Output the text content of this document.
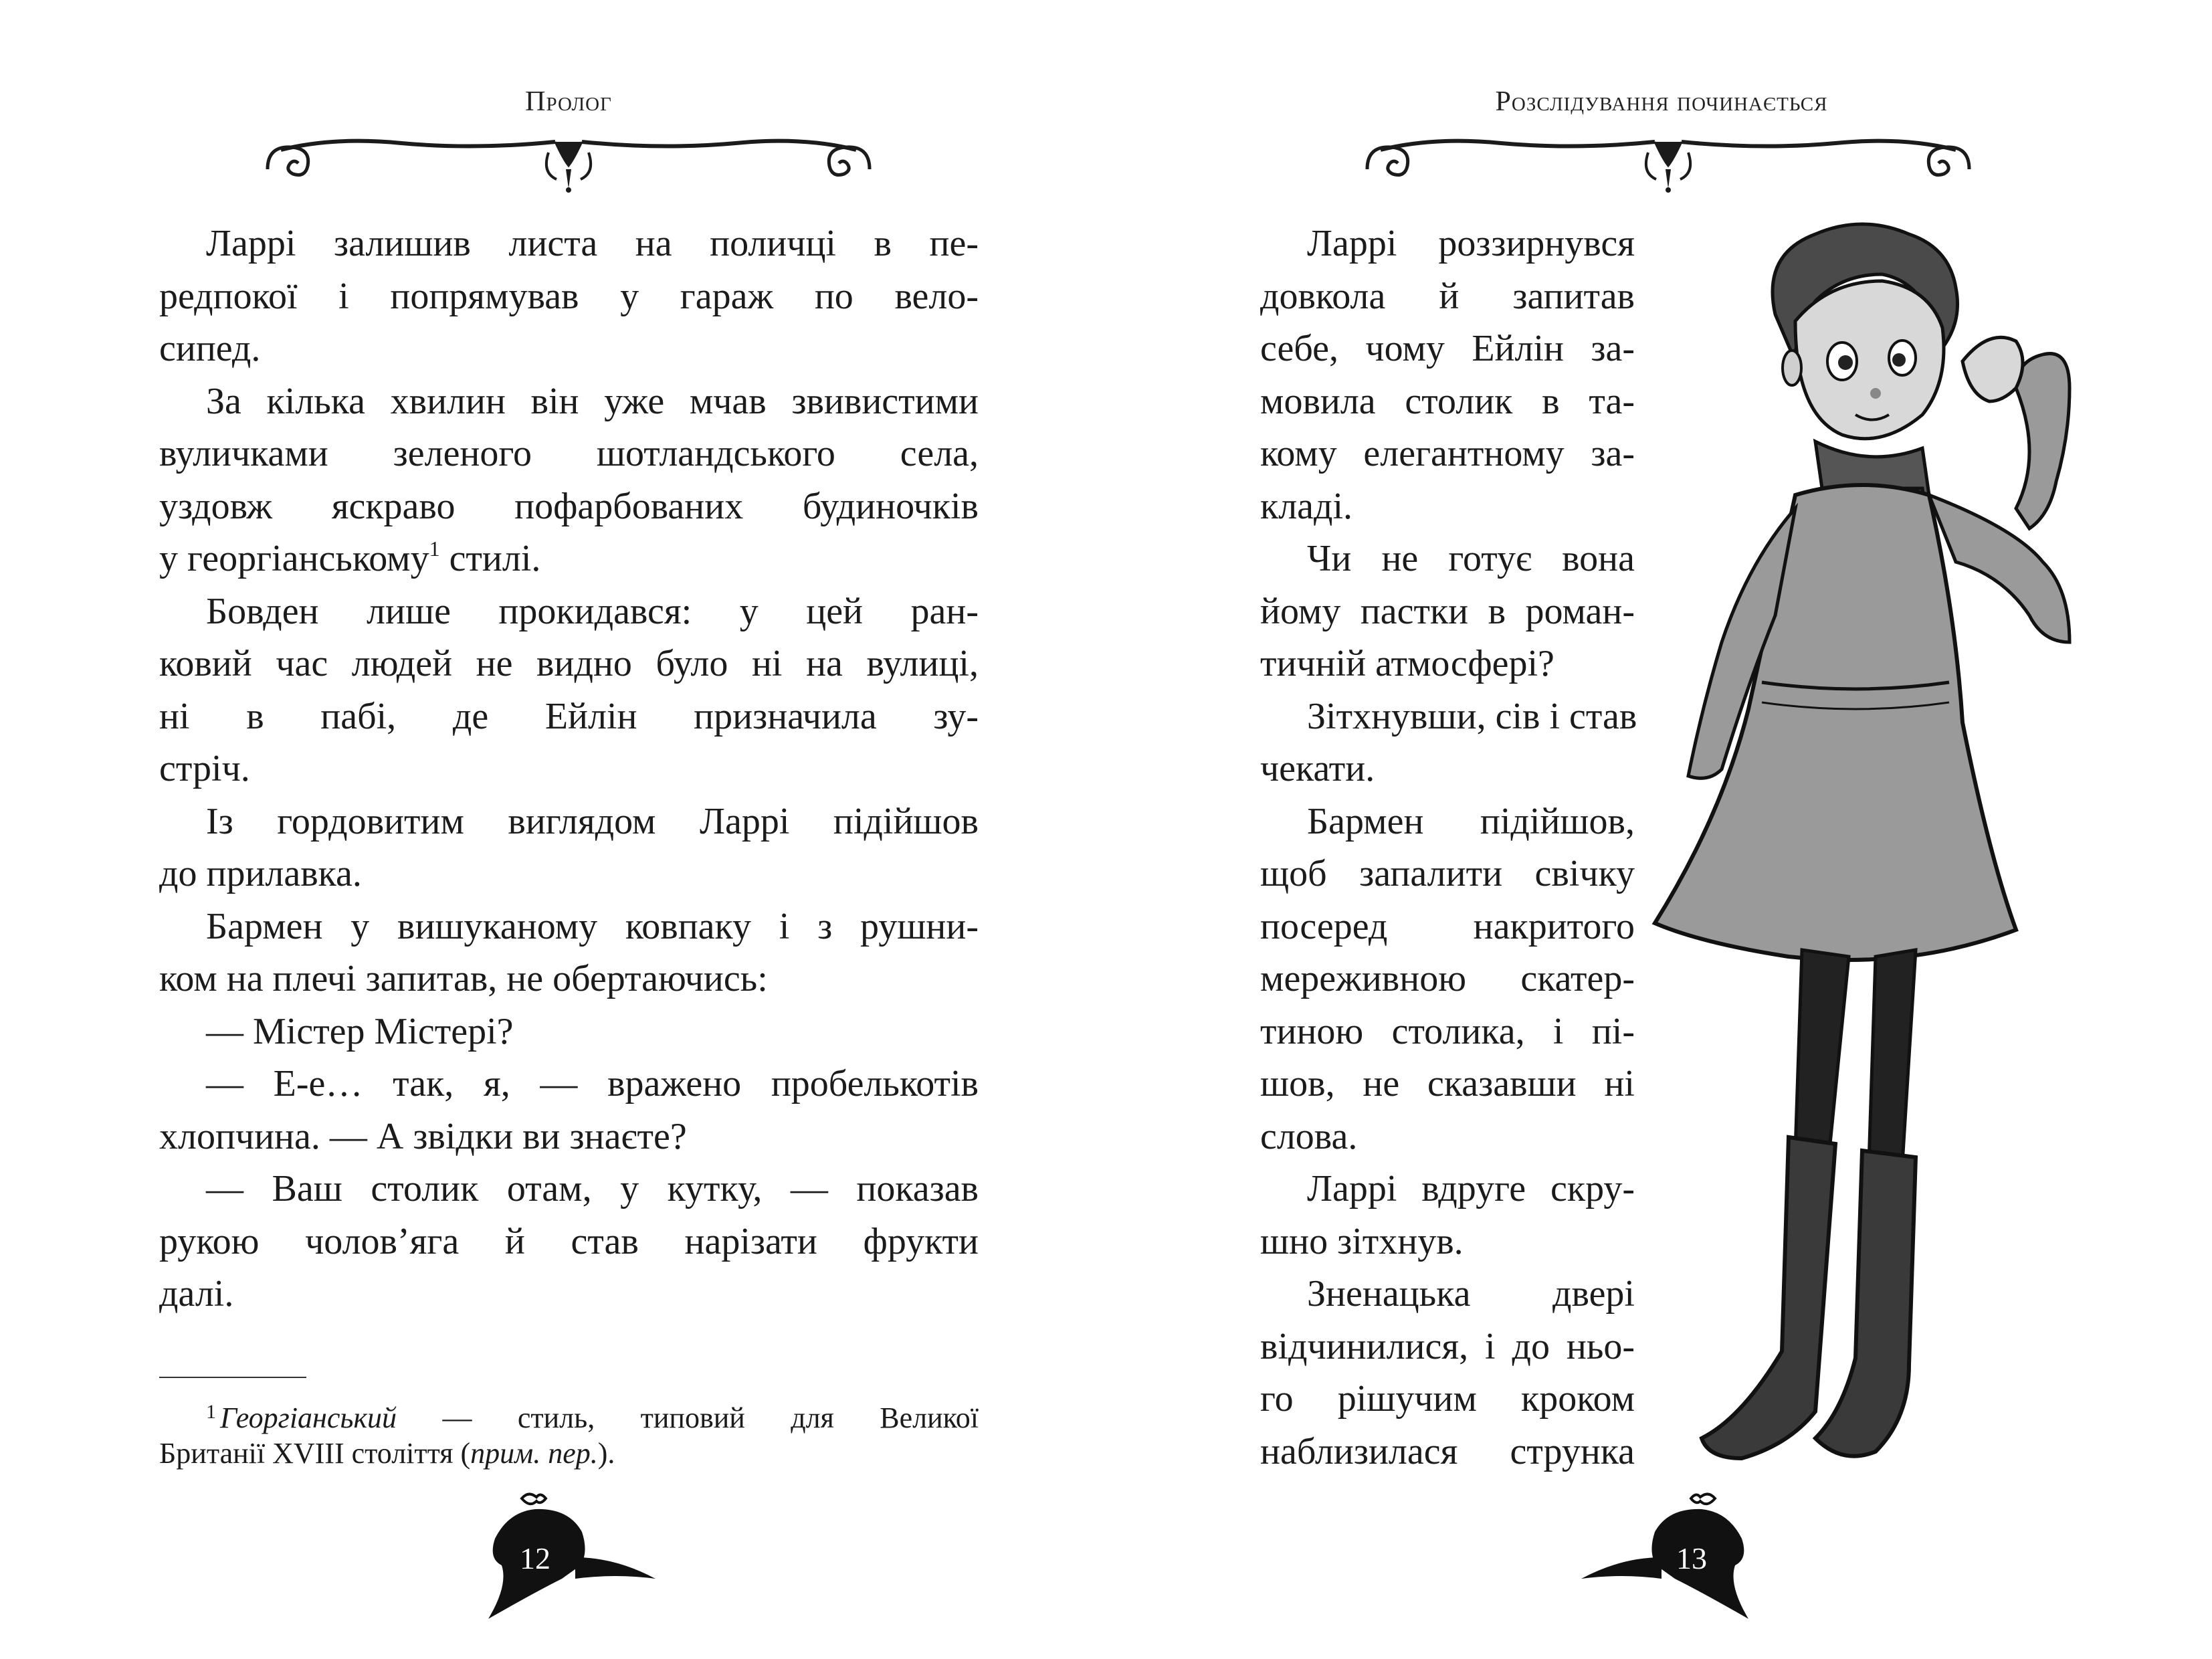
Пролог
Ларрі залишив листа на поличці в пе-
редпокої і попрямував у гараж по вело-
сипед.
За кілька хвилин він уже мчав звивистими
вуличками зеленого шотландського села,
уздовж яскраво пофарбованих будиночків
у георгіанському$^1$ стилі.
Бовден лише прокидався: у цей ран-
ковий час людей не видно було ні на вулиці,
ні в пабі, де Ейлін призначила зу-
стріч.
Із гордовитим виглядом Ларрі підійшов
до прилавка.
Бармен у вишуканому ковпаку і з рушни-
ком на плечі запитав, не обертаючись:
— Містер Містері?
— Е-е… так, я, — вражено пробелькотів
хлопчина. — А звідки ви знаєте?
— Ваш столик отам, у кутку, — показав
рукою чолов’яга й став нарізати фрукти
далі.
$^1$ Георгіанський — стиль, типовий для Великої
Британії XVIII століття (прим. пер.).
12
Розслідування починається
Ларрі роззирнувся
довкола й запитав
себе, чому Ейлін за-
мовила столик в та-
кому елегантному за-
кладі.
Чи не готує вона
йому пастки в роман-
тичній атмосфері?
Зітхнувши, сів і став
чекати.
Бармен підійшов,
щоб запалити свічку
посеред накритого
мереживною скатер-
тиною столика, і пі-
шов, не сказавши ні
слова.
Ларрі вдруге скру-
шно зітхнув.
Зненацька двері
відчинилися, і до ньо-
го рішучим кроком
наблизилася струнка
13
